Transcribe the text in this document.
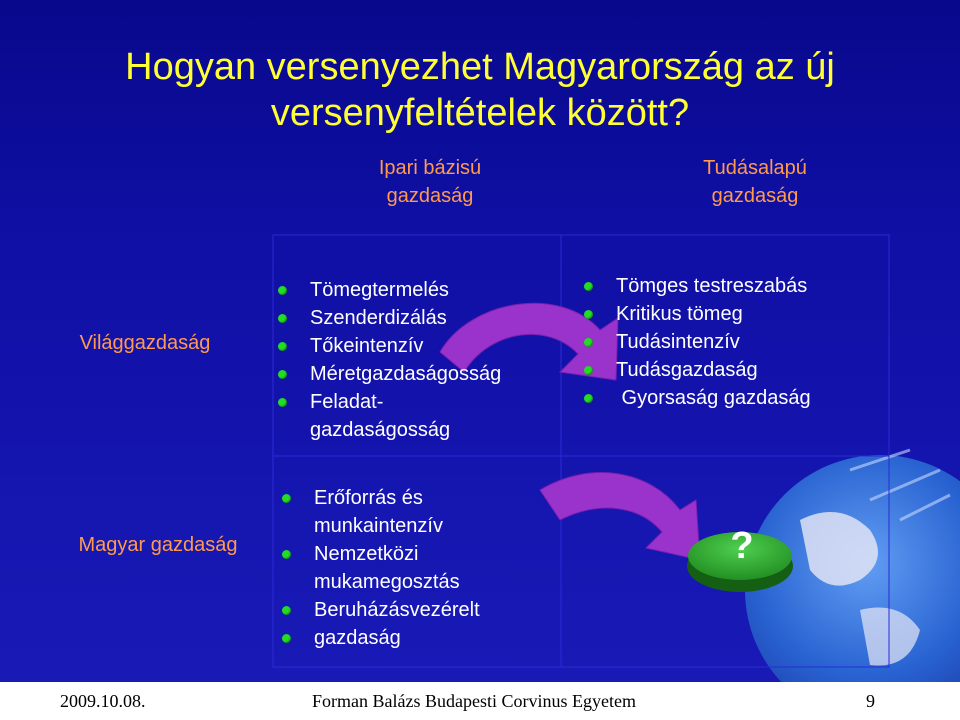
Hogyan versenyezhet Magyarország az új
versenyfeltételek között?
Ipari bázisú
gazdaság
Tudásalapú
gazdaság
Világgazdaság
Magyar gazdaság
Tömegtermelés
Szenderdizálás
Tőkeintenzív
Méretgazdaságosság
Feladat-
gazdaságosság
Tömges testreszabás
Kritikus tömeg
Tudásintenzív
Tudásgazdaság
Gyorsaság gazdaság
Erőforrás és
munkaintenzív
Nemzetközi
mukamegosztás
Beruházásvezérelt
gazdaság
?
2009.10.08.	Forman Balázs Budapesti Corvinus Egyetem	9
